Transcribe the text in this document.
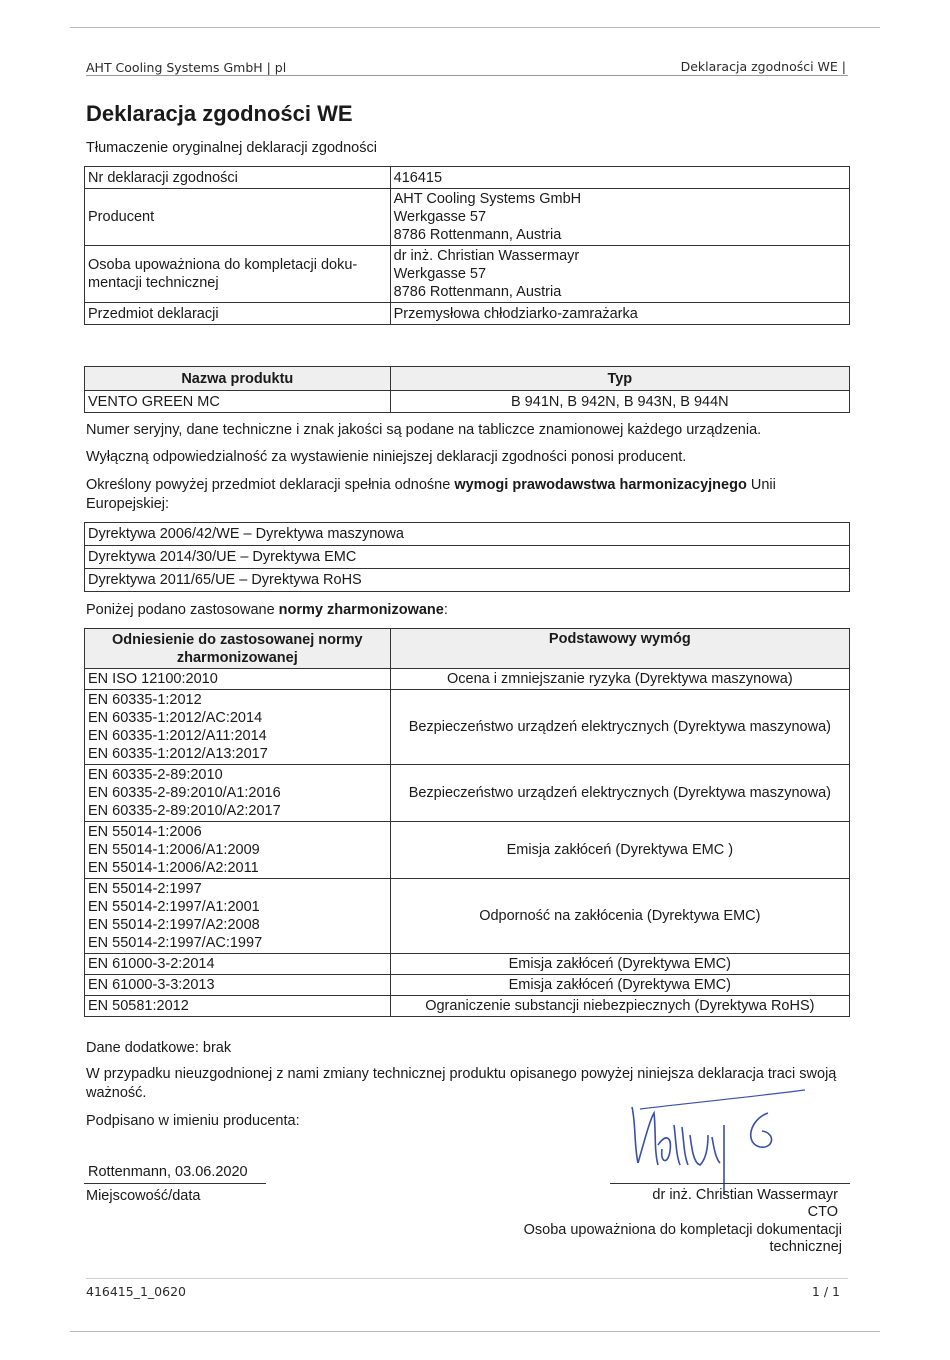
AHT Cooling Systems GmbH | pl	Deklaracja zgodności WE |
Deklaracja zgodności WE
Tłumaczenie oryginalnej deklaracji zgodności
Nr deklaracji zgodności	416415
Producent	AHT Cooling Systems GmbH
Werkgasse 57
8786 Rottenmann, Austria

Osoba upoważniona do kompletacji doku-mentacji technicznej	dr inż. Christian Wassermayr
Werkgasse 57
8786 Rottenmann, Austria

Przedmiot deklaracji	Przemysłowa chłodziarko-zamrażarka
Nazwa produktu	Typ
VENTO GREEN MC	B 941N, B 942N, B 943N, B 944N
Numer seryjny, dane techniczne i znak jakości są podane na tabliczce znamionowej każdego urządzenia.
Wyłączną odpowiedzialność za wystawienie niniejszej deklaracji zgodności ponosi producent.
Określony powyżej przedmiot deklaracji spełnia odnośne wymogi prawodawstwa harmonizacyjnego Unii Europejskiej:
Dyrektywa 2006/42/WE – Dyrektywa maszynowa
Dyrektywa 2014/30/UE – Dyrektywa EMC
Dyrektywa 2011/65/UE – Dyrektywa RoHS
Poniżej podano zastosowane normy zharmonizowane:
Odniesienie do zastosowanej normy zharmonizowanej	Podstawowy wymóg
EN ISO 12100:2010	Ocena i zmniejszanie ryzyka (Dyrektywa maszynowa)

EN 60335-1:2012
EN 60335-1:2012/AC:2014
EN 60335-1:2012/A11:2014
EN 60335-1:2012/A13:2017	Bezpieczeństwo urządzeń elektrycznych (Dyrektywa maszynowa)

EN 60335-2-89:2010
EN 60335-2-89:2010/A1:2016
EN 60335-2-89:2010/A2:2017	Bezpieczeństwo urządzeń elektrycznych (Dyrektywa maszynowa)

EN 55014-1:2006
EN 55014-1:2006/A1:2009
EN 55014-1:2006/A2:2011	Emisja zakłóceń (Dyrektywa EMC )

EN 55014-2:1997
EN 55014-2:1997/A1:2001
EN 55014-2:1997/A2:2008
EN 55014-2:1997/AC:1997	Odporność na zakłócenia (Dyrektywa EMC)
EN 61000-3-2:2014	Emisja zakłóceń (Dyrektywa EMC)
EN 61000-3-3:2013	Emisja zakłóceń (Dyrektywa EMC)
EN 50581:2012	Ograniczenie substancji niebezpiecznych (Dyrektywa RoHS)
Dane dodatkowe: brak
W przypadku nieuzgodnionej z nami zmiany technicznej produktu opisanego powyżej niniejsza deklaracja traci swoją ważność.
Podpisano w imieniu producenta:
Rottenmann, 03.06.2020
Miejscowość/data	dr inż. Christian Wassermayr
CTO
Osoba upoważniona do kompletacji dokumentacji
technicznej
416415_1_0620	1 / 1
